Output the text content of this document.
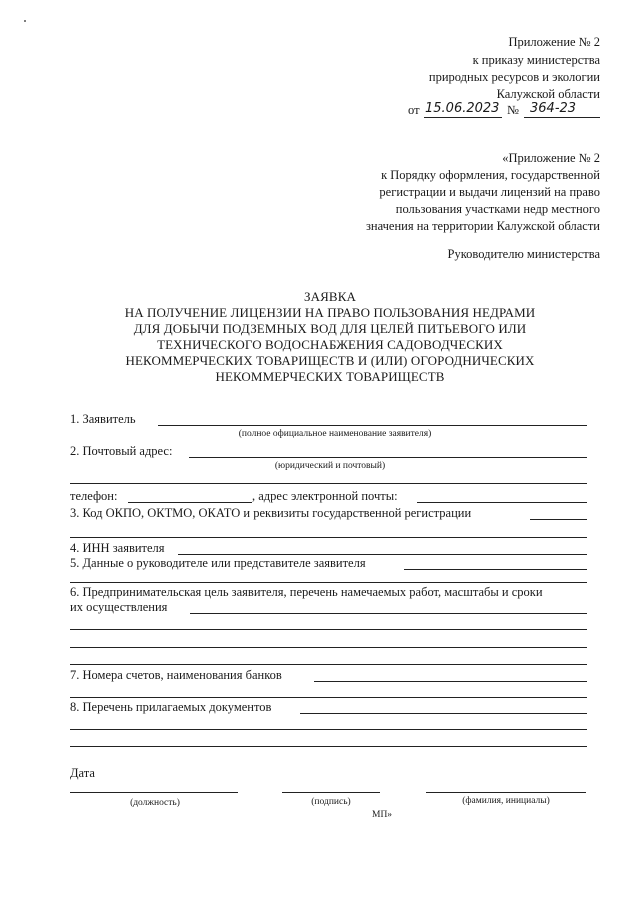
Приложение № 2
к приказу министерства
природных ресурсов и экологии
Калужской области
от 15.06.2023 № 364-23
«Приложение № 2
к Порядку оформления, государственной
регистрации и выдачи лицензий на право
пользования участками недр местного
значения на территории Калужской области
Руководителю министерства
ЗАЯВКА
НА ПОЛУЧЕНИЕ ЛИЦЕНЗИИ НА ПРАВО ПОЛЬЗОВАНИЯ НЕДРАМИ
ДЛЯ ДОБЫЧИ ПОДЗЕМНЫХ ВОД ДЛЯ ЦЕЛЕЙ ПИТЬЕВОГО ИЛИ
ТЕХНИЧЕСКОГО ВОДОСНАБЖЕНИЯ САДОВОДЧЕСКИХ
НЕКОММЕРЧЕСКИХ ТОВАРИЩЕСТВ И (ИЛИ) ОГОРОДНИЧЕСКИХ
НЕКОММЕРЧЕСКИХ ТОВАРИЩЕСТВ
1. Заявитель
(полное официальное наименование заявителя)
2. Почтовый адрес:
(юридический и почтовый)
телефон:	, адрес электронной почты:
3. Код ОКПО, ОКТМО, ОКАТО и реквизиты государственной регистрации
4. ИНН заявителя
5. Данные о руководителе или представителе заявителя
6. Предпринимательская цель заявителя, перечень намечаемых работ, масштабы и сроки
их осуществления
7. Номера счетов, наименования банков
8. Перечень прилагаемых документов
Дата
(должность)	(подпись)	(фамилия, инициалы)
МП»
